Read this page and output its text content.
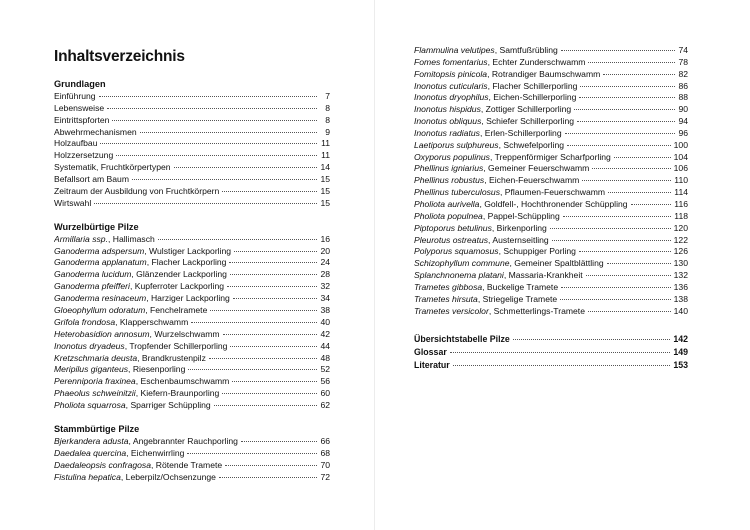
Inhaltsverzeichnis
Grundlagen
Einführung	7
Lebensweise	8
Eintrittspforten	8
Abwehrmechanismen	9
Holzaufbau	11
Holzzersetzung	11
Systematik, Fruchtkörpertypen	14
Befallsort am Baum	15
Zeitraum der Ausbildung von Fruchtkörpern	15
Wirtswahl	15
Wurzelbürtige Pilze
Armillaria ssp., Hallimasch	16
Ganoderma adspersum, Wulstiger Lackporling	20
Ganoderma applanatum, Flacher Lackporling	24
Ganoderma lucidum, Glänzender Lackporling	28
Ganoderma pfeifferi, Kupferroter Lackporling	32
Ganoderma resinaceum, Harziger Lackporling	34
Gloeophyllum odoratum, Fenchelramete	38
Grifola frondosa, Klapperschwamm	40
Heterobasidion annosum, Wurzelschwamm	42
Inonotus dryadeus, Tropfender Schillerporling	44
Kretzschmaria deusta, Brandkrustenpilz	48
Meripilus giganteus, Riesenporling	52
Perenniporia fraxinea, Eschenbaumschwamm	56
Phaeolus schweinitzii, Kiefern-Braunporling	60
Pholiota squarrosa, Sparriger Schüppling	62
Stammbürtige Pilze
Bjerkandera adusta, Angebrannter Rauchporling	66
Daedalea quercina, Eichenwirrling	68
Daedaleopsis confragosa, Rötende Tramete	70
Fistulina hepatica, Leberpilz/Ochsenzunge	72
Flammulina velutipes, Samtfußrübling	74
Fomes fomentarius, Echter Zunderschwamm	78
Fomitopsis pinicola, Rotrandiger Baumschwamm	82
Inonotus cuticularis, Flacher Schillerporling	86
Inonotus dryophilus, Eichen-Schillerporling	88
Inonotus hispidus, Zottiger Schillerporling	90
Inonotus obliquus, Schiefer Schillerporling	94
Inonotus radiatus, Erlen-Schillerporling	96
Laetiporus sulphureus, Schwefelporling	100
Oxyporus populinus, Treppenförmiger Scharfporling	104
Phellinus igniarius, Gemeiner Feuerschwamm	106
Phellinus robustus, Eichen-Feuerschwamm	110
Phellinus tuberculosus, Pflaumen-Feuerschwamm	114
Pholiota aurivella, Goldfell-, Hochthronender Schüppling	116
Pholiota populnea, Pappel-Schüppling	118
Piptoporus betulinus, Birkenporling	120
Pleurotus ostreatus, Austernseitling	122
Polyporus squamosus, Schuppiger Porling	126
Schizophyllum commune, Gemeiner Spaltblättling	130
Splanchnonema platani, Massaria-Krankheit	132
Trametes gibbosa, Buckelige Tramete	136
Trametes hirsuta, Striegelige Tramete	138
Trametes versicolor, Schmetterlings-Tramete	140
Übersichtstabelle Pilze	142
Glossar	149
Literatur	153
